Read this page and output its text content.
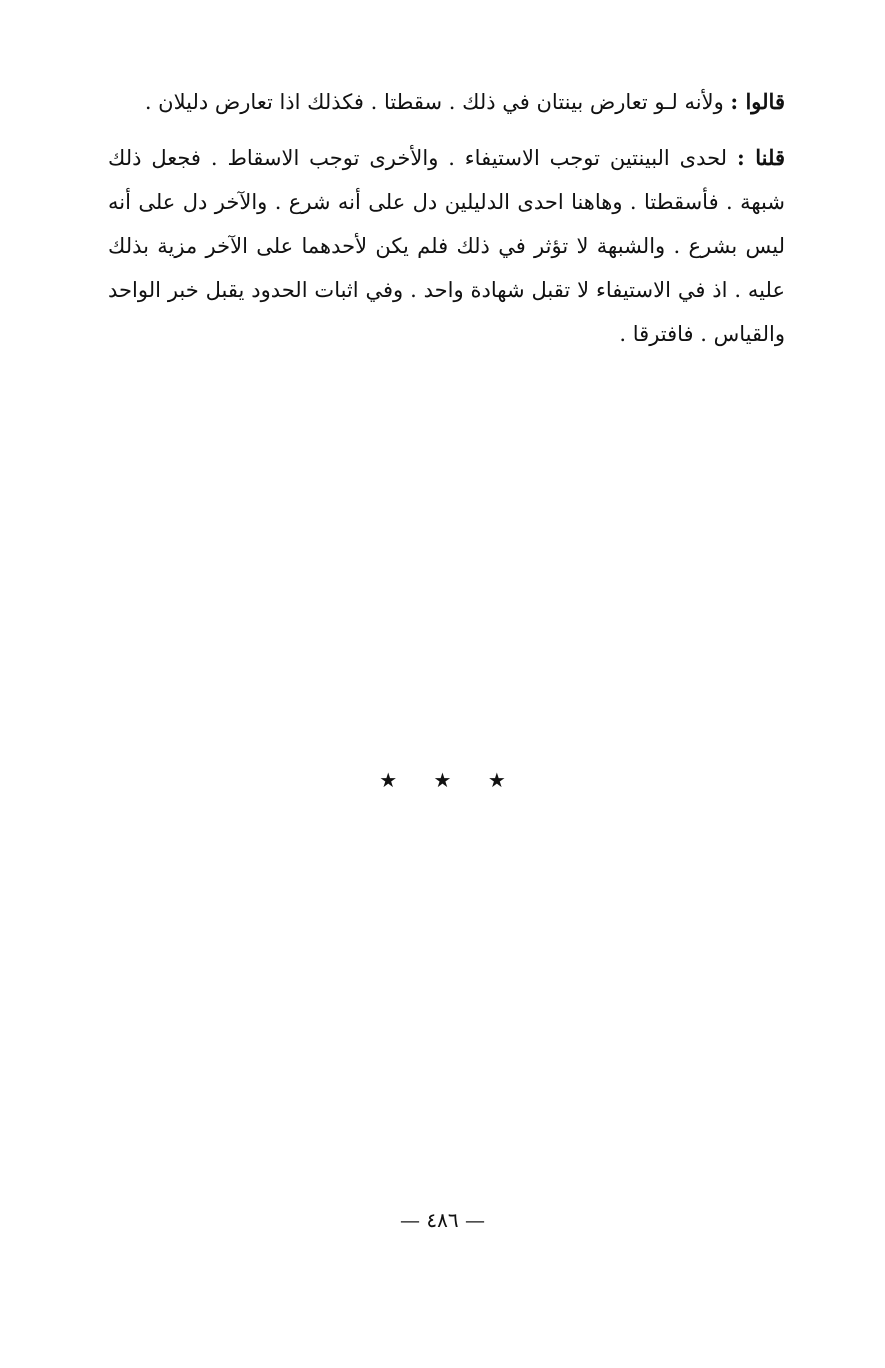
قالوا : ولأنه لـو تعارض بينتان في ذلك . سقطتا . فكذلك اذا تعارض دليلان .

قلنا : لحدى البينتين توجب الاستيفاء . والأخرى توجب الاسقاط . فجعل ذلك شبهة . فأسقطتا . وهاهنا احدى الدليلين دل على أنه شرع . والآخر دل على أنه ليس بشرع . والشبهة لا تؤثر في ذلك فلم يكن لأحدهما على الآخر مزية بذلك عليه . اذ في الاستيفاء لا تقبل شهادة واحد . وفي اثبات الحدود يقبل خبر الواحد والقياس . فافترقا .

★ ★ ★
— ٤٨٦ —
